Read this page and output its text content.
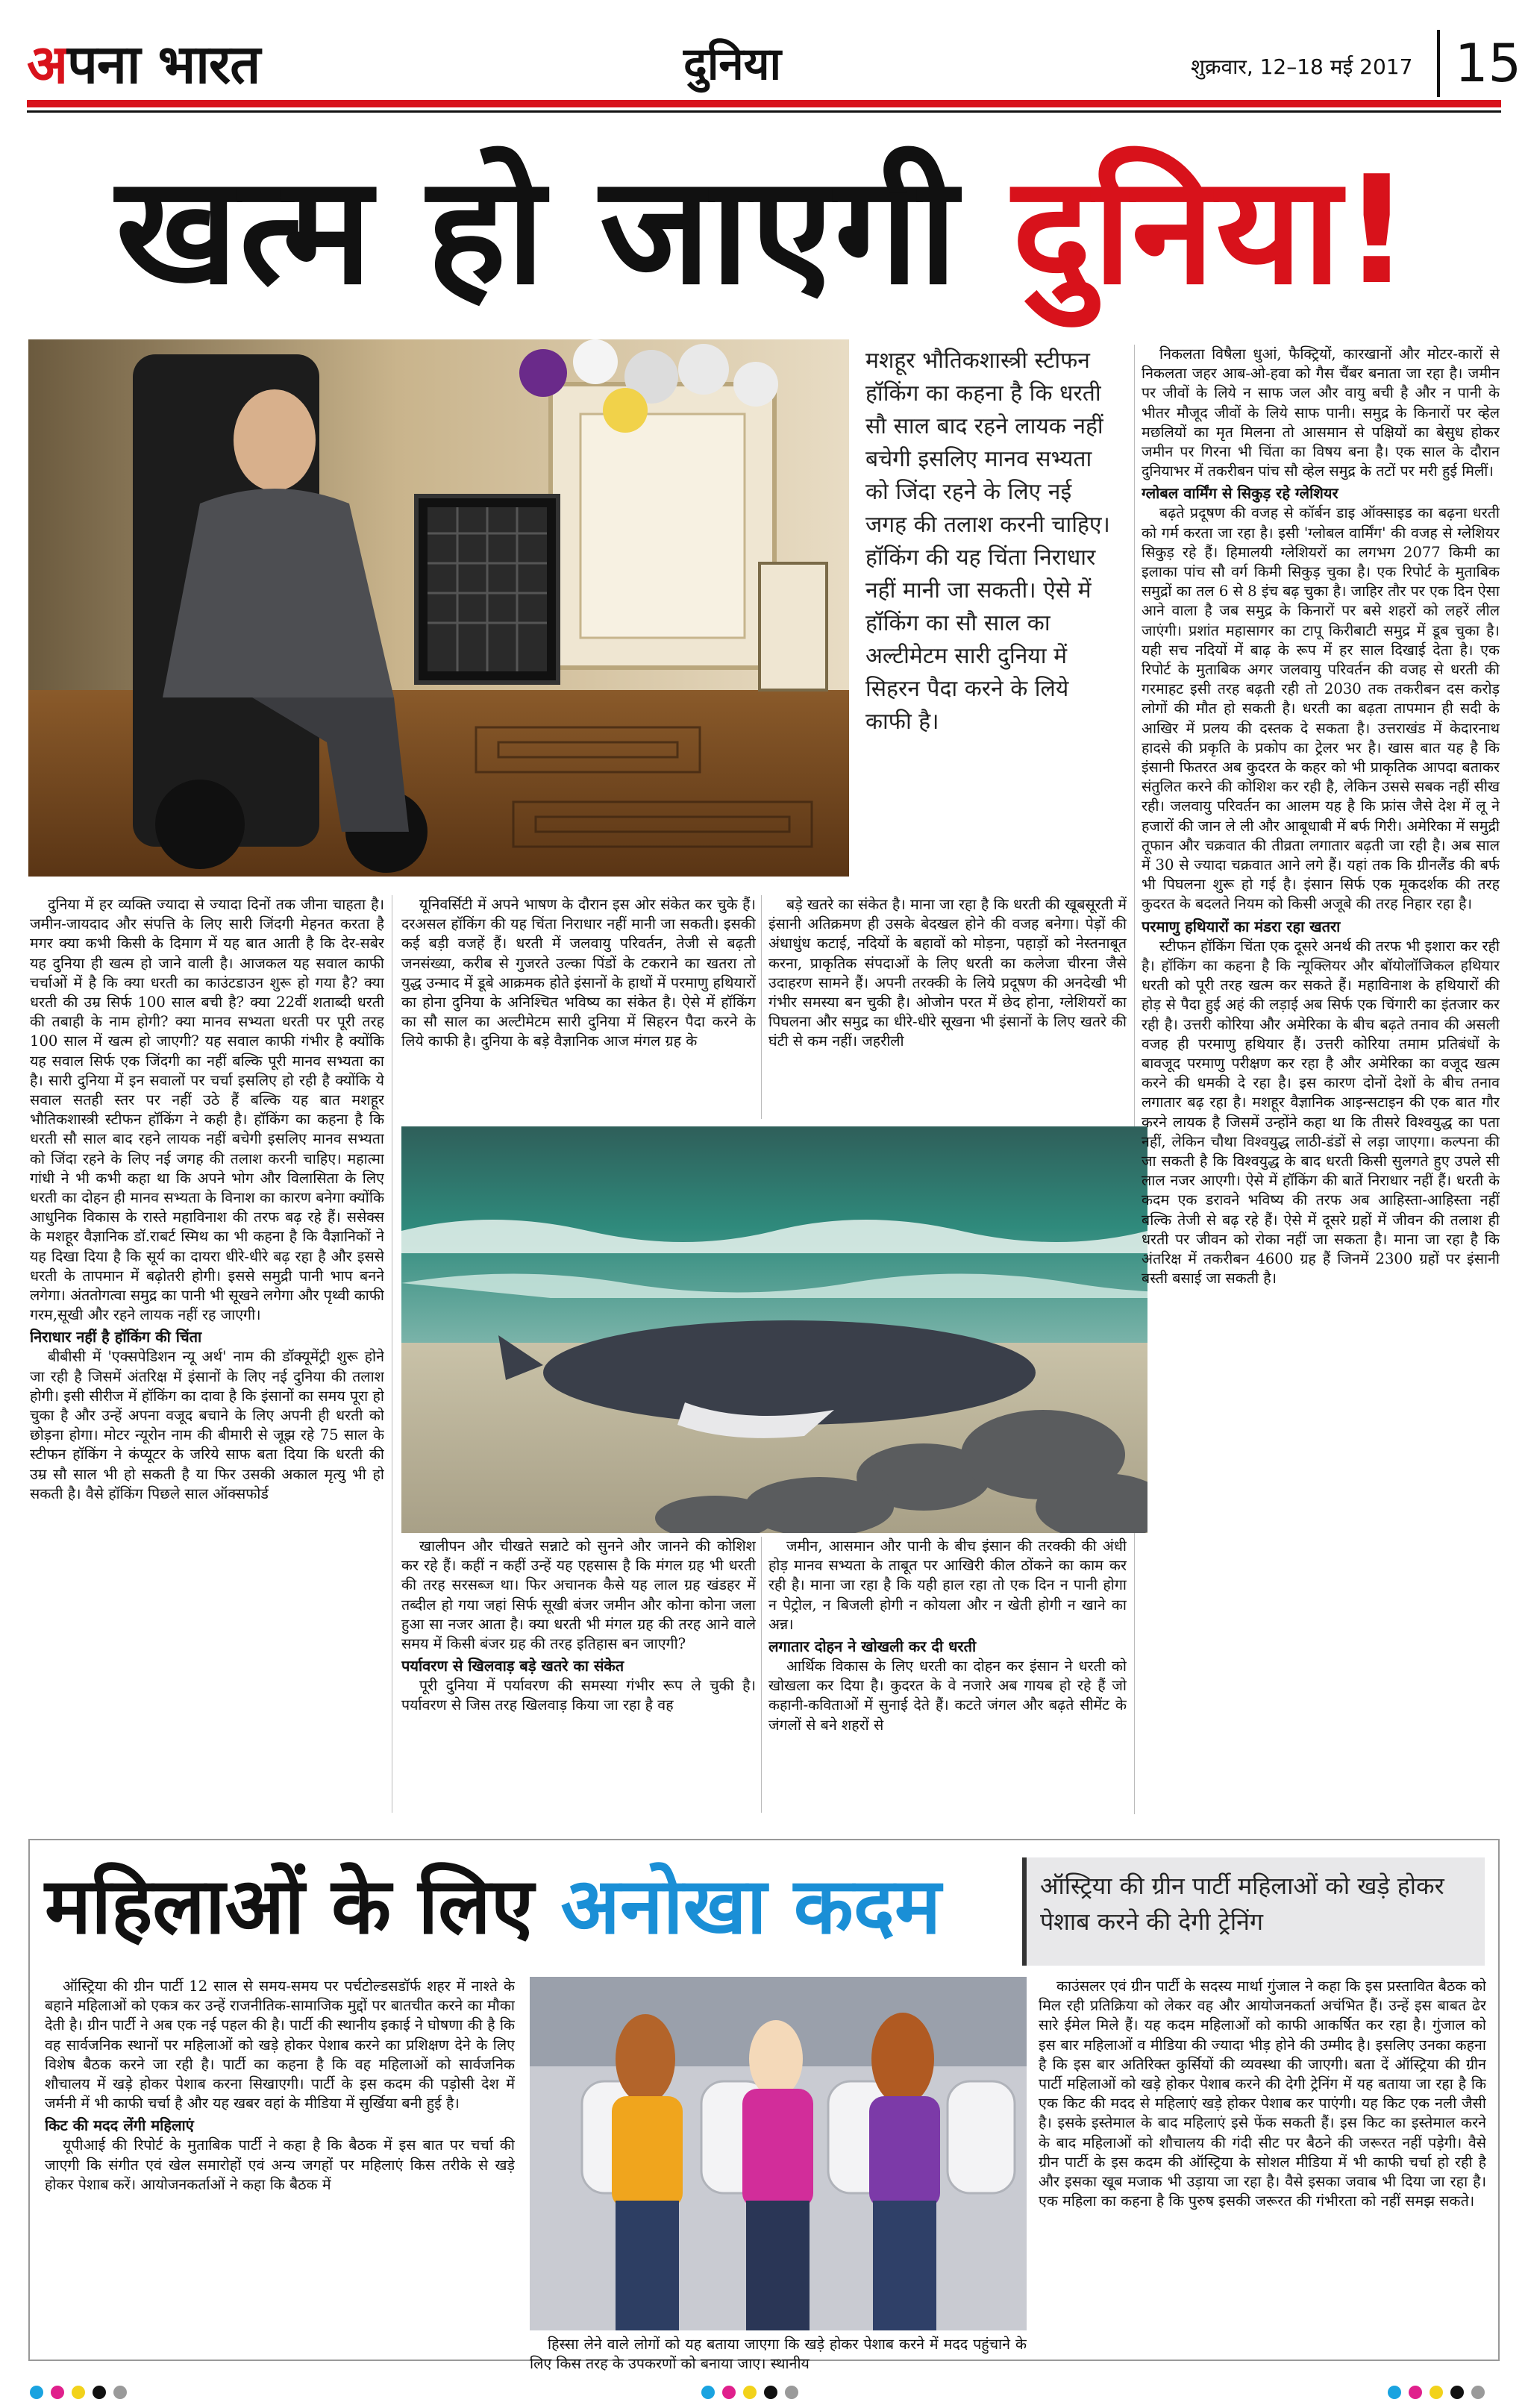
अपना भारत	दुनिया	शुक्रवार, 12–18 मई 2017 15
खत्म हो जाएगी दुनिया!
मशहूर भौतिकशास्त्री स्टीफन हॉकिंग का कहना है कि धरती सौ साल बाद रहने लायक नहीं बचेगी इसलिए मानव सभ्यता को जिंदा रहने के लिए नई जगह की तलाश करनी चाहिए। हॉकिंग की यह चिंता निराधार नहीं मानी जा सकती। ऐसे में हॉकिंग का सौ साल का अल्टीमेटम सारी दुनिया में सिहरन पैदा करने के लिये काफी है।

दुनिया में हर व्यक्ति ज्यादा से ज्यादा दिनों तक जीना चाहता है। जमीन-जायदाद और संपत्ति के लिए सारी जिंदगी मेहनत करता है मगर क्या कभी किसी के दिमाग में यह बात आती है कि देर-सबेर यह दुनिया ही खत्म हो जाने वाली है। आजकल यह सवाल काफी चर्चाओं में है कि क्या धरती का काउंटडाउन शुरू हो गया है? क्या धरती की उम्र सिर्फ 100 साल बची है? क्या 22वीं शताब्दी धरती की तबाही के नाम होगी? क्या मानव सभ्यता धरती पर पूरी तरह 100 साल में खत्म हो जाएगी? यह सवाल काफी गंभीर है क्योंकि यह सवाल सिर्फ एक जिंदगी का नहीं बल्कि पूरी मानव सभ्यता का है। सारी दुनिया में इन सवालों पर चर्चा इसलिए हो रही है क्योंकि ये सवाल सतही स्तर पर नहीं उठे हैं बल्कि यह बात मशहूर भौतिकशास्त्री स्टीफन हॉकिंग ने कही है। हॉकिंग का कहना है कि धरती सौ साल बाद रहने लायक नहीं बचेगी इसलिए मानव सभ्यता को जिंदा रहने के लिए नई जगह की तलाश करनी चाहिए। महात्मा गांधी ने भी कभी कहा था कि अपने भोग और विलासिता के लिए धरती का दोहन ही मानव सभ्यता के विनाश का कारण बनेगा क्योंकि आधुनिक विकास के रास्ते महाविनाश की तरफ बढ़ रहे हैं। ससेक्स के मशहूर वैज्ञानिक डॉ.राबर्ट स्मिथ का भी कहना है कि वैज्ञानिकों ने यह दिखा दिया है कि सूर्य का दायरा धीरे-धीरे बढ़ रहा है और इससे धरती के तापमान में बढ़ोतरी होगी। इससे समुद्री पानी भाप बनने लगेगा। अंततोगत्वा समुद्र का पानी भी सूखने लगेगा और पृथ्वी काफी गरम,सूखी और रहने लायक नहीं रह जाएगी।

निराधार नहीं है हॉकिंग की चिंता

बीबीसी में 'एक्सपेडिशन न्यू अर्थ' नाम की डॉक्यूमेंट्री शुरू होने जा रही है जिसमें अंतरिक्ष में इंसानों के लिए नई दुनिया की तलाश होगी। इसी सीरीज में हॉकिंग का दावा है कि इंसानों का समय पूरा हो चुका है और उन्हें अपना वजूद बचाने के लिए अपनी ही धरती को छोड़ना होगा। मोटर न्यूरोन नाम की बीमारी से जूझ रहे 75 साल के स्टीफन हॉकिंग ने कंप्यूटर के जरिये साफ बता दिया कि धरती की उम्र सौ साल भी हो सकती है या फिर उसकी अकाल मृत्यु भी हो सकती है। वैसे हॉकिंग पिछले साल ऑक्सफोर्ड

यूनिवर्सिटी में अपने भाषण के दौरान इस ओर संकेत कर चुके हैं। दरअसल हॉकिंग की यह चिंता निराधार नहीं मानी जा सकती। इसकी कई बड़ी वजहें हैं। धरती में जलवायु परिवर्तन, तेजी से बढ़ती जनसंख्या, करीब से गुजरते उल्का पिंडों के टकराने का खतरा तो युद्ध उन्माद में डूबे आक्रमक होते इंसानों के हाथों में परमाणु हथियारों का होना दुनिया के अनिश्चित भविष्य का संकेत है। ऐसे में हॉकिंग का सौ साल का अल्टीमेटम सारी दुनिया में सिहरन पैदा करने के लिये काफी है। दुनिया के बड़े वैज्ञानिक आज मंगल ग्रह के

बड़े खतरे का संकेत है। माना जा रहा है कि धरती की खूबसूरती में इंसानी अतिक्रमण ही उसके बेदखल होने की वजह बनेगा। पेड़ों की अंधाधुंध कटाई, नदियों के बहावों को मोड़ना, पहाड़ों को नेस्तनाबूत करना, प्राकृतिक संपदाओं के लिए धरती का कलेजा चीरना जैसे उदाहरण सामने हैं। अपनी तरक्की के लिये प्रदूषण की अनदेखी भी गंभीर समस्या बन चुकी है। ओजोन परत में छेद होना, ग्लेशियरों का पिघलना और समुद्र का धीरे-धीरे सूखना भी इंसानों के लिए खतरे की घंटी से कम नहीं। जहरीली

खालीपन और चीखते सन्नाटे को सुनने और जानने की कोशिश कर रहे हैं। कहीं न कहीं उन्हें यह एहसास है कि मंगल ग्रह भी धरती की तरह सरसब्ज था। फिर अचानक कैसे यह लाल ग्रह खंडहर में तब्दील हो गया जहां सिर्फ सूखी बंजर जमीन और कोना कोना जला हुआ सा नजर आता है। क्या धरती भी मंगल ग्रह की तरह आने वाले समय में किसी बंजर ग्रह की तरह इतिहास बन जाएगी?

पर्यावरण से खिलवाड़ बड़े खतरे का संकेत

पूरी दुनिया में पर्यावरण की समस्या गंभीर रूप ले चुकी है। पर्यावरण से जिस तरह खिलवाड़ किया जा रहा है वह

जमीन, आसमान और पानी के बीच इंसान की तरक्की की अंधी होड़ मानव सभ्यता के ताबूत पर आखिरी कील ठोंकने का काम कर रही है। माना जा रहा है कि यही हाल रहा तो एक दिन न पानी होगा न पेट्रोल, न बिजली होगी न कोयला और न खेती होगी न खाने का अन्न।

लगातार दोहन ने खोखली कर दी धरती

आर्थिक विकास के लिए धरती का दोहन कर इंसान ने धरती को खोखला कर दिया है। कुदरत के वे नजारे अब गायब हो रहे हैं जो कहानी-कविताओं में सुनाई देते हैं। कटते जंगल और बढ़ते सीमेंट के जंगलों से बने शहरों से

निकलता विषैला धुआं, फैक्ट्रियों, कारखानों और मोटर-कारों से निकलता जहर आब-ओ-हवा को गैस चैंबर बनाता जा रहा है। जमीन पर जीवों के लिये न साफ जल और वायु बची है और न पानी के भीतर मौजूद जीवों के लिये साफ पानी। समुद्र के किनारों पर व्हेल मछलियों का मृत मिलना तो आसमान से पक्षियों का बेसुध होकर जमीन पर गिरना भी चिंता का विषय बना है। एक साल के दौरान दुनियाभर में तकरीबन पांच सौ व्हेल समुद्र के तटों पर मरी हुई मिलीं।

ग्लोबल वार्मिंग से सिकुड़ रहे ग्लेशियर

बढ़ते प्रदूषण की वजह से कॉर्बन डाइ ऑक्साइड का बढ़ना धरती को गर्म करता जा रहा है। इसी 'ग्लोबल वार्मिंग' की वजह से ग्लेशियर सिकुड़ रहे हैं। हिमालयी ग्लेशियरों का लगभग 2077 किमी का इलाका पांच सौ वर्ग किमी सिकुड़ चुका है। एक रिपोर्ट के मुताबिक समुद्रों का तल 6 से 8 इंच बढ़ चुका है। जाहिर तौर पर एक दिन ऐसा आने वाला है जब समुद्र के किनारों पर बसे शहरों को लहरें लील जाएंगी। प्रशांत महासागर का टापू किरीबाटी समुद्र में डूब चुका है। यही सच नदियों में बाढ़ के रूप में हर साल दिखाई देता है। एक रिपोर्ट के मुताबिक अगर जलवायु परिवर्तन की वजह से धरती की गरमाहट इसी तरह बढ़ती रही तो 2030 तक तकरीबन दस करोड़ लोगों की मौत हो सकती है। धरती का बढ़ता तापमान ही सदी के आखिर में प्रलय की दस्तक दे सकता है। उत्तराखंड में केदारनाथ हादसे की प्रकृति के प्रकोप का ट्रेलर भर है। खास बात यह है कि इंसानी फितरत अब कुदरत के कहर को भी प्राकृतिक आपदा बताकर संतुलित करने की कोशिश कर रही है, लेकिन उससे सबक नहीं सीख रही। जलवायु परिवर्तन का आलम यह है कि फ्रांस जैसे देश में लू ने हजारों की जान ले ली और आबूधाबी में बर्फ गिरी। अमेरिका में समुद्री तूफान और चक्रवात की तीव्रता लगातार बढ़ती जा रही है। अब साल में 30 से ज्यादा चक्रवात आने लगे हैं। यहां तक कि ग्रीनलैंड की बर्फ भी पिघलना शुरू हो गई है। इंसान सिर्फ एक मूकदर्शक की तरह कुदरत के बदलते नियम को किसी अजूबे की तरह निहार रहा है।

परमाणु हथियारों का मंडरा रहा खतरा

स्टीफन हॉकिंग चिंता एक दूसरे अनर्थ की तरफ भी इशारा कर रही है। हॉकिंग का कहना है कि न्यूक्लियर और बॉयोलॉजिकल हथियार धरती को पूरी तरह खत्म कर सकते हैं। महाविनाश के हथियारों की होड़ से पैदा हुई अहं की लड़ाई अब सिर्फ एक चिंगारी का इंतजार कर रही है। उत्तरी कोरिया और अमेरिका के बीच बढ़ते तनाव की असली वजह ही परमाणु हथियार हैं। उत्तरी कोरिया तमाम प्रतिबंधों के बावजूद परमाणु परीक्षण कर रहा है और अमेरिका का वजूद खत्म करने की धमकी दे रहा है। इस कारण दोनों देशों के बीच तनाव लगातार बढ़ रहा है। मशहूर वैज्ञानिक आइन्सटाइन की एक बात गौर करने लायक है जिसमें उन्होंने कहा था कि तीसरे विश्वयुद्ध का पता नहीं, लेकिन चौथा विश्वयुद्ध लाठी-डंडों से लड़ा जाएगा। कल्पना की जा सकती है कि विश्वयुद्ध के बाद धरती किसी सुलगते हुए उपले सी लाल नजर आएगी। ऐसे में हॉकिंग की बातें निराधार नहीं हैं। धरती के कदम एक डरावने भविष्य की तरफ अब आहिस्ता-आहिस्ता नहीं बल्कि तेजी से बढ़ रहे हैं। ऐसे में दूसरे ग्रहों में जीवन की तलाश ही धरती पर जीवन को रोका नहीं जा सकता है। माना जा रहा है कि अंतरिक्ष में तकरीबन 4600 ग्रह हैं जिनमें 2300 ग्रहों पर इंसानी बस्ती बसाई जा सकती है।

महिलाओं के लिए अनोखा कदम	ऑस्ट्रिया की ग्रीन पार्टी महिलाओं को खड़े होकर पेशाब करने की देगी ट्रेनिंग

ऑस्ट्रिया की ग्रीन पार्टी 12 साल से समय-समय पर पर्चटोल्डसडॉर्फ शहर में नाश्ते के बहाने महिलाओं को एकत्र कर उन्हें राजनीतिक-सामाजिक मुद्दों पर बातचीत करने का मौका देती है। ग्रीन पार्टी ने अब एक नई पहल की है। पार्टी की स्थानीय इकाई ने घोषणा की है कि वह सार्वजनिक स्थानों पर महिलाओं को खड़े होकर पेशाब करने का प्रशिक्षण देने के लिए विशेष बैठक करने जा रही है। पार्टी का कहना है कि वह महिलाओं को सार्वजनिक शौचालय में खड़े होकर पेशाब करना सिखाएगी। पार्टी के इस कदम की पड़ोसी देश में जर्मनी में भी काफी चर्चा है और यह खबर वहां के मीडिया में सुर्खिया बनी हुई है।

किट की मदद लेंगी महिलाएं

यूपीआई की रिपोर्ट के मुताबिक पार्टी ने कहा है कि बैठक में इस बात पर चर्चा की जाएगी कि संगीत एवं खेल समारोहों एवं अन्य जगहों पर महिलाएं किस तरीके से खड़े होकर पेशाब करें। आयोजनकर्ताओं ने कहा कि बैठक में

हिस्सा लेने वाले लोगों को यह बताया जाएगा कि खड़े होकर पेशाब करने में मदद पहुंचाने के लिए किस तरह के उपकरणों को बनाया जाए। स्थानीय

काउंसलर एवं ग्रीन पार्टी के सदस्य मार्था गुंजाल ने कहा कि इस प्रस्तावित बैठक को मिल रही प्रतिक्रिया को लेकर वह और आयोजनकर्ता अचंभित हैं। उन्हें इस बाबत ढेर सारे ईमेल मिले हैं। यह कदम महिलाओं को काफी आकर्षित कर रहा है। गुंजाल को इस बार महिलाओं व मीडिया की ज्यादा भीड़ होने की उम्मीद है। इसलिए उनका कहना है कि इस बार अतिरिक्त कुर्सियों की व्यवस्था की जाएगी। बता दें ऑस्ट्रिया की ग्रीन पार्टी महिलाओं को खड़े होकर पेशाब करने की देगी ट्रेनिंग में यह बताया जा रहा है कि एक किट की मदद से महिलाएं खड़े होकर पेशाब कर पाएंगी। यह किट एक नली जैसी है। इसके इस्तेमाल के बाद महिलाएं इसे फेंक सकती हैं। इस किट का इस्तेमाल करने के बाद महिलाओं को शौचालय की गंदी सीट पर बैठने की जरूरत नहीं पड़ेगी। वैसे ग्रीन पार्टी के इस कदम की ऑस्ट्रिया के सोशल मीडिया में भी काफी चर्चा हो रही है और इसका खूब मजाक भी उड़ाया जा रहा है। वैसे इसका जवाब भी दिया जा रहा है। एक महिला का कहना है कि पुरुष इसकी जरूरत की गंभीरता को नहीं समझ सकते।
